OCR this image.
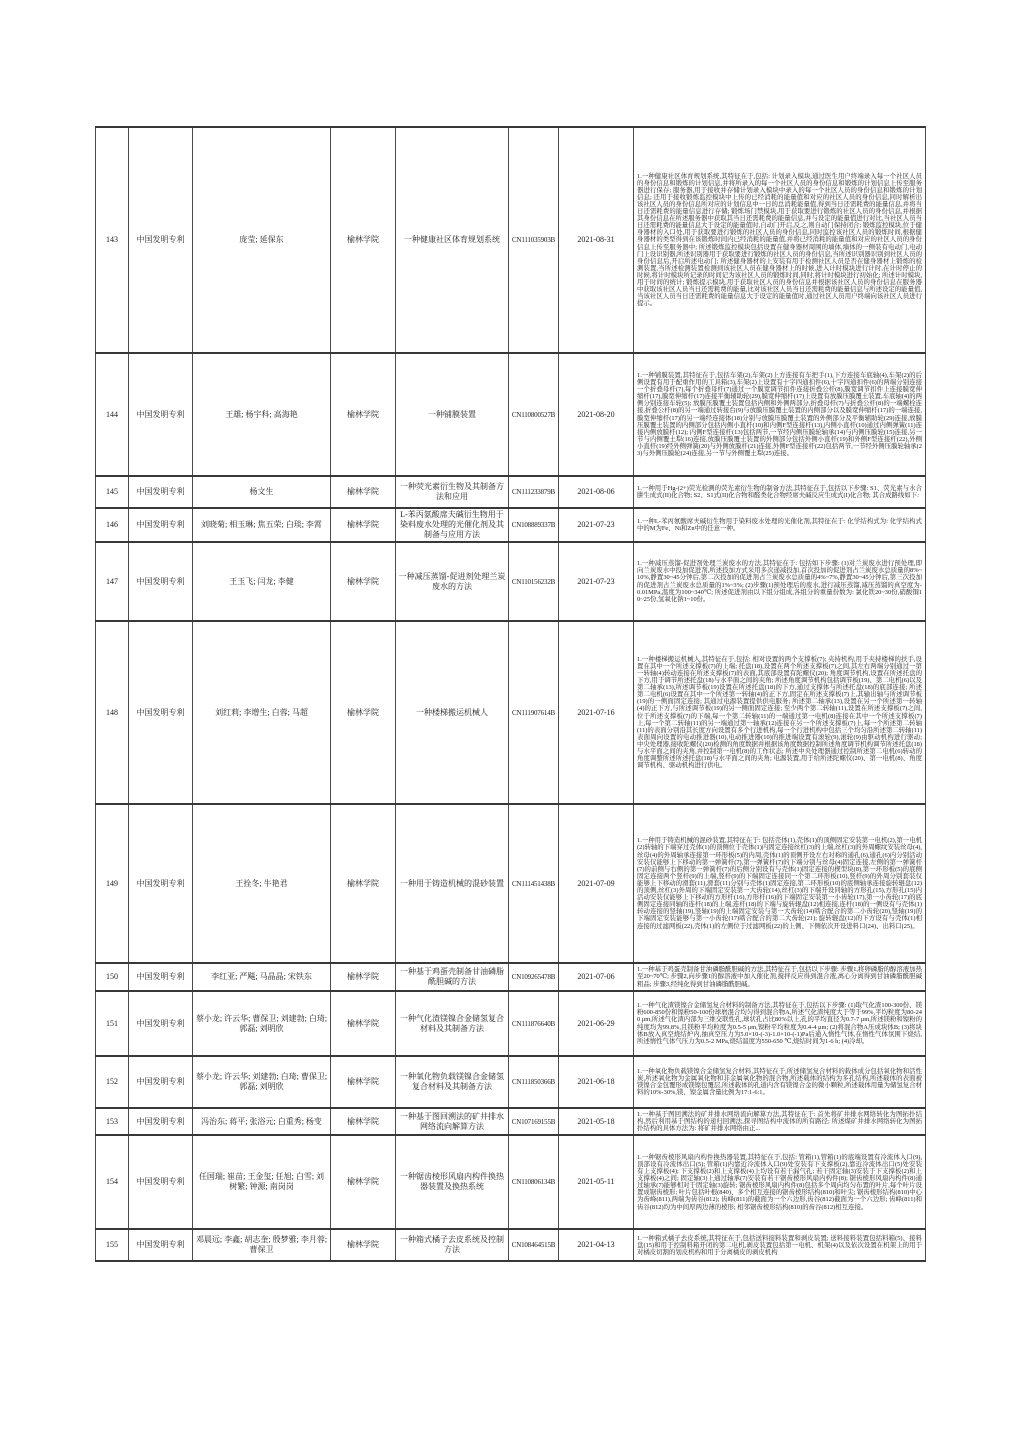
143	中国发明专利	庞莹; 延保东	榆林学院	一种健康社区体育规划系统	CN111035903B	2021-08-31	1.一种健康社区体育规划系统,其特征在于,包括: 计划录入模块,通过医生用户终端录入每一个社区人员的身份信息和锻炼的计划信息,并将所录入的每一个社区人员的身份信息和锻炼的计划信息上传至服务器进行保存; 服务器,用于接收并存储计划录入模块中录入的每一个社区人员的身份信息和锻炼的计划信息; 还用于接收锻炼监控模块中上传的已经消耗的能量值和对应的社区人员的身份信息,同时解析出该社区人员的身份信息所对应的计划信息中一日的总消耗能量值,得到当日还需耗费的能量信息,并将当日还需耗费的能量信息进行存储; 锻炼场门禁模块,用于获取要进行锻炼的社区人员的身份信息,并根据其身份信息在所述服务器中获取其当日还需耗费的能量信息,并与设定的能量值进行对比,当社区人员当日还需耗费的能量信息大于设定的能量值时,自动门开启,反之,则自动门保持闭合; 锻炼监控模块,位于健身器材的入口处,用于获取要进行锻炼的社区人员的身份信息,同时监控该社区人员的锻炼时间,根据健身器材的类型得到在该锻炼时间内已经消耗的能量值,并将已经消耗的能量值和对应的社区人员的身份信息上传至服务器中; 所述锻炼监控模块包括设置在健身器材周围的墙体,墙体的一侧装有电动门,电动门上设识别器,所述识别器用于获取要进行锻炼的社区人员的身份信息,当所述识别器识别到社区人员的身份信息后,开启所述电动门; 所述健身器材的上安装有用于检测社区人员是否在健身器材上锻炼的检测装置,当所述检测装置检测到该社区人员在健身器材上的时候,进入计时模块进行计时,在计时停止的时候,将计时模块所记录的时间记为该社区人员的锻炼时间,同时,将计时模块进行初始化; 所述计时模块,用于时间的统计; 锻炼提示模块,用于获取社区人员的身份信息并根据该社区人员的身份信息在服务器中获取该社区人员当日还需耗费的能量,比对该社区人员当日还需耗费的能量信息与所述设定的能量值,当该社区人员当日还需耗费的能量信息大于设定的能量值时,通过社区人员用户终端向该社区人员进行提示。
144	中国发明专利	王雄; 杨宇科; 高海艳	榆林学院	一种铺膜装置	CN110800527B	2021-08-20	1.一种铺膜装置,其特征在于,包括车架(2),车架(2)上方连接有车把手(1),下方连接车底轴(4),车架(2)的后侧设置有用于配重作用的工具箱(3),车架(2)上设置有十字四通扣件(6),十字四通扣件(6)的两端分别连接一个折叠母杆(7),每个折叠母杆(7)通过一个膜宽调节扣件连接折叠公杆(8),膜宽调节扣件上连接膜宽伸缩杆(17),膜宽伸缩杆(17)连接平衡辅助轮(29),膜宽伸缩杆(17)上设置有放膜压膜覆土装置,车底轴(4)的两侧分别连接车轮(5); 放膜压膜覆土装置包括内侧和外侧两部分,折叠母杆(7)与折叠公杆(8)的一端螺栓连接,折叠公杆(8)的另一端通过转接台(9)与放膜压膜覆土装置的内侧部分以及膜宽伸缩杆(17)的一端连接,膜宽伸缩杆(17)的另一端经连接体(18)分别与放膜压膜覆土装置的外侧部分及平衡辅助轮(29)连接,放膜压膜覆土装置的内侧部分包括内侧小直杆(10)和内侧F型连接杆(13),内侧小直杆(10)通过内侧弹簧(11)连接内侧放膜杆(12); 内侧F型连接杆(13)包括两节,一节经内侧压膜轮轴承(14)与内侧压膜轮(15)连接,另一节与内侧覆土犁(16)连接,放膜压膜覆土装置的外侧部分包括外侧小直杆(19)和外侧F型连接杆(22),外侧小直杆(19)经外侧弹簧(20)与外侧放膜杆(21)连接,外侧F型连接杆(22)包括两节,一节经外侧压膜轮轴承(23)与外侧压膜轮(24)连接,另一节与外侧覆土犁(25)连接。
145	中国发明专利	杨文生	榆林学院	一种荧光素衍生物及其制备方法和应用	CN111233879B	2021-08-06	1.一种用于Hg-(2+)荧光检测的荧光素衍生物的制备方法,其特征在于,包括以下步骤: S1、荧光素与水合肼生成式(II)化合物; S2、S1式(II)化合物和醛类化合物经席夫碱反应生成式(I)化合物; 其合成路线如下:
146	中国发明专利	刘晓菊; 相玉琳; 焦五荣; 白琰; 李霄	榆林学院	L-苯丙氨酸席夫碱衍生物用于染料废水处理的光催化剂及其制备与应用方法	CN108889337B	2021-07-23	1.一种L-苯丙氨酸席夫碱衍生物用于染料废水处理的光催化剂,其特征在于: 化学结构式为: 化学结构式中的M为Fe、Ni和Zn中的任意一种。
147	中国发明专利	王玉飞; 闫龙; 李健	榆林学院	一种减压蒸馏-促进剂处理兰炭废水的方法	CN110156232B	2021-07-23	1.一种减压蒸馏-促进剂处理兰炭废水的方法,其特征在于: 包括如下步骤: (1)对兰炭废水进行预处理,即向兰炭废水中投加促进剂,所述投加方式采用多次递减投加,首次投加的促进剂占兰炭废水总质量的8%~10%,静置30~45分钟后,第二次投加的促进剂占兰炭废水总质量的4%~7%,静置30~45分钟后,第三次投加的促进剂占兰炭废水总质量的1%~3%; (2)步骤(1)预处理后的废水,进行减压蒸馏,减压蒸馏的真空度为-0.01MPa,温度为100~340℃; 所述促进剂由以下组分组成,各组分的重量份数为: 氯化铁20~30份,硝酸铜10~25份,氢氧化钠1~10份。
148	中国发明专利	刘红莉; 李增生; 白蓉; 马超	榆林学院	一种楼梯搬运机械人	CN111907614B	2021-07-16	1.一种楼梯搬运机械人,其特征在于,包括: 相对设置的两个支撑板(7); 夹持机构,用于夹持楼梯的扶手,设置在其中一个所述支撑板(7)的上端; 托盘(18),设置在两个所述支撑板(7)之间,其左右两端分别通过一第一转轴(4)转动连接在所述支撑板(7)的表面,其底部设置有陀螺仪(20); 角度调节机构,设置在所述托盘的下方,用于调节所述托盘(18)与水平面之间的夹角; 所述角度调节机构包括调节板(19)、第二电机(6)以及第二轴承(13),所述调节板(19)设置在所述托盘(18)的下方,通过支撑体与所述托盘(18)的底部连接; 所述第二电机(6)设置在其中一个所述第一转轴(4)的正下方,固定在所述支撑板(7)上,其输出轴与所述调节板(19)的一侧面固定连接; 其通过电源装置提供供电服务; 所述第二轴承(13),设置在另一个所述第一转轴(4)的正下方,与所述调节板(19)的另一侧面固定连接; 至少两个第二转轴(11),设置在所述支撑板(7)之间,位于所述支撑板(7)的下端,每一个第二转轴(11)的一端通过第一电机(8)连接在其中一个所述支撑板(7)上,每一个第二转轴(11)的另一端通过第一轴承(12)连接在另一个所述支撑板(7)上,每一个所述第二转轴(11)的表面分别沿其长度方向设置有多个行进机构,每一个行进机构中包括三个均匀沿所述第二转轴(11)表面周向设置的电动推进器(10),电动推进器(10)的推进端设置有滚轮(9),滚轮(9)由驱动机构进行驱动; 中央处理器,接收陀螺仪(20)检测的角度数据并根据该角度数据控制所述角度调节机构调节所述托盘(18)与水平面之间的夹角,并控制第一电机(8)的工作状态; 所述中央处理器通过控制所述第二电机(6)转动的角度调整所述所述托盘(18)与水平面之间的夹角; 电源装置,用于给所述陀螺仪(20)、第一电机(8)、角度调节机构、驱动机构进行供电。
149	中国发明专利	王拴冬; 牛艳君	榆林学院	一种用于铸造机械的混砂装置	CN111451438B	2021-07-09	1.一种用于铸造机械的混砂装置,其特征在于: 包括壳体(1),壳体(1)的顶侧固定安装第一电机(2),第一电机(2)转轴的下端穿过壳体(1)的顶侧位于壳体(1)内固定连接丝杠(3)的上端,丝杠(3)的外周螺纹安装丝母(4),丝母(4)的外周轴承连接第一环形板(5)的内周,壳体(1)的顶侧开设左右对称的通孔(6),通孔(6)内分别活动安装仅能够上下移动的第一弹簧杆(7),第一弹簧杆(7)的下端分别与丝母(4)固定连接,左侧的第一弹簧杆(7)的前侧与右侧的第一弹簧杆(7)的后侧分别设有与壳体(1)固定连接的楔型块(8),第一环形板(5)的底侧固定连接两个竖杆(9)的上端,竖杆(9)的下端固定连接同一个第二环形板(10),竖杆(9)的外周分别套装仅能够上下移动的滑套(11),滑套(11)分别与壳体(1)固定连接,第二环形板(10)的底侧轴承连接旋转辊盘(12)的顶侧,丝杠(3)外周的下端固定安装第一大齿轮(14),丝杠(3)的下端开设同轴的方形孔(15),方形孔(15)内活动安装仅能够上下移动的方形杆(16),方形杆(16)的下端固定安装第一小齿轮(17),第一小齿轮(17)的底侧固定连接同轴的连杆(18)的上端,连杆(18)的下端与旋转辊盘(12)相连接,连杆(18)的一侧设有与壳体(1)转动连接的竖轴(19),竖轴(19)的上端固定安装与第一大齿轮(14)啮合配合的第二小齿轮(20),竖轴(19)的下端固定安装能够与第一小齿轮(17)啮合配合的第二大齿轮(21); 旋转辊盘(12)的下方设有与壳体(1)相连接的过滤网板(22),壳体(1)的左侧位于过滤网板(22)的上侧、下侧依次开设进料口(24)、出料口(25)。
150	中国发明专利	李红亚; 严飚; 马晶晶; 宋铁东	榆林学院	一种基于鸡蛋壳制备甘油磷脂酰胆碱的方法	CN109265478B	2021-07-06	1.一种基于鸡蛋壳制备甘油磷脂酰胆碱的方法,其特征在于,包括以下步骤: 步骤1,将卵磷脂的醇溶液加热至20~70℃; 步骤2,向步骤1的醇溶液中加入催化剂,搅拌反应得到混合液,离心分离得到甘油磷脂酰胆碱粗品; 步骤3,经纯化得到甘油磷脂酰胆碱。
151	中国发明专利	蔡小龙; 许云华; 曹保卫; 刘建勃; 白琦; 郭磊; 刘明欣	榆林学院	一种气化渣镁镍合金储氢复合材料及其制备方法	CN111876640B	2021-06-29	1.一种气化渣镁镍合金储氢复合材料的制备方法,其特征在于,包括以下步骤: (1)取气化渣100-300份、镁粉600-850份和镍粉50-100份球磨混合均匀得到混合物A,所述气化渣纯度大于等于99%,平均粒度为80-240 μm,所述气化渣内部为三维交联性孔,球状孔占比80%以上,孔的平均直径为0.7-7 μm,所述镁粉和镍粉的纯度均为99.8%,且镁粉平均粒度为0.5-5 μm,镍粉平均粒度为0.4-4 μm; (2)将混合物A压成块体B; (3)将块体B放入真空烧结炉内,抽真空压力为5.0×10-(-3)-1.0×10-(-1)Pa后通入惰性气体,在惰性气体氛围下烧结,所述惰性气体气压力为0.5-2 MPa,烧结温度为550-650 ℃,烧结时间为1-6 h; (4)冷却。
152	中国发明专利	蔡小龙; 许云华; 刘建勃; 白琦; 曹保卫; 郭磊; 刘明欣	榆林学院	一种氧化物负载镁镍合金储氢复合材料及其制备方法	CN111850366B	2021-06-18	1.一种氧化物负载镁镍合金储氢复合材料,其特征在于,所述储氢复合材料的载体成分包括氧化物和活性炭,所述氧化物为金属氧化物和非金属氧化物的混合物,所述载体的结构为多孔结构,所述载体的表面被镁镍合金包覆形成镁镍包覆层,所述载体的孔道内含有镁镍合金的微小颗粒,所述载体用量为储氢复合材料的10%-30%,镁、镍金属含量比例为17:1-6:1。
153	中国发明专利	冯治东; 蒋平; 张浴元; 白重秀; 杨变	榆林学院	一种基于图回溯法的矿井排水网络流向解算方法	CN107169155B	2021-05-18	1.一种基于图回溯法的矿井排水网络流向解算方法,其特征在于: 首先将矿井排水网络转化为图拓扑结构,然后利用基于图结构的递归回溯法,探寻图结构中流体的所有路径; 所述煤矿井排水网络转化为图拓扑结构的具体方法为: 将矿井排水网络由正...
154	中国发明专利	任国瑞; 崔苗; 王金玺; 任旭; 白雪; 刘树繁; 钟源; 南岗岗	榆林学院	一种锯齿棱形风扇内构件换热器装置及换热系统	CN110806134B	2021-05-11	1.一种锯齿棱形风扇内构件换热器装置,其特征在于,包括: 管箱(1),管箱(1)的底端设置有冷流体入口(9),顶部设有冷流体出口(5); 管箱(1)内靠近冷流体入口(9)处安装有下支撑板(2),靠近冷流体出口(5)处安装有上支撑板(4); 下支撑板(2)和上支撑板(4)上均设有若干漏气孔; 若干固定轴(3)安装于下支撑板(2)和上支撑板(4)之间; 固定轴(3)上通过轴承(7)安装有若干锯齿棱形风扇内构件(8); 锯齿棱形风扇内构件(8)通过轴承(7)能够相对于固定轴(3)旋转; 锯齿棱形风扇内构件(8)包括多个周向均匀布置的叶片,每个叶片设置成锯齿棱形; 叶片包括叶根(840)、多个相互连接的锯齿棱形结构(810)和叶尖; 锯齿棱形结构(810)中心为齿峰(811),两端为齿谷(812); 齿峰(811)的截面为一个六边形,齿谷(812)截面为一个六边形; 齿峰(811)和齿谷(812)均为中间厚两边薄的棱形; 相邻锯齿棱形结构(810)的齿谷(812)相互连接。
155	中国发明专利	邓晨远; 李鑫; 胡志奎; 殷梦雅; 李月蓉; 曹保卫	榆林学院	一种箱式橘子去皮系统及控制方法	CN108464515B	2021-04-13	1.一种箱式橘子去皮系统,其特征在于,包括送料接料装置和剥皮装置; 送料接料装置包括料箱(5)、接料盘(15)和用于控制料箱开闭的第二电机,剥皮装置包括第一电机、机架(4)以及依次设置在机架上的用于对橘皮切割的划皮机构和用于分离橘皮的剥皮机构
